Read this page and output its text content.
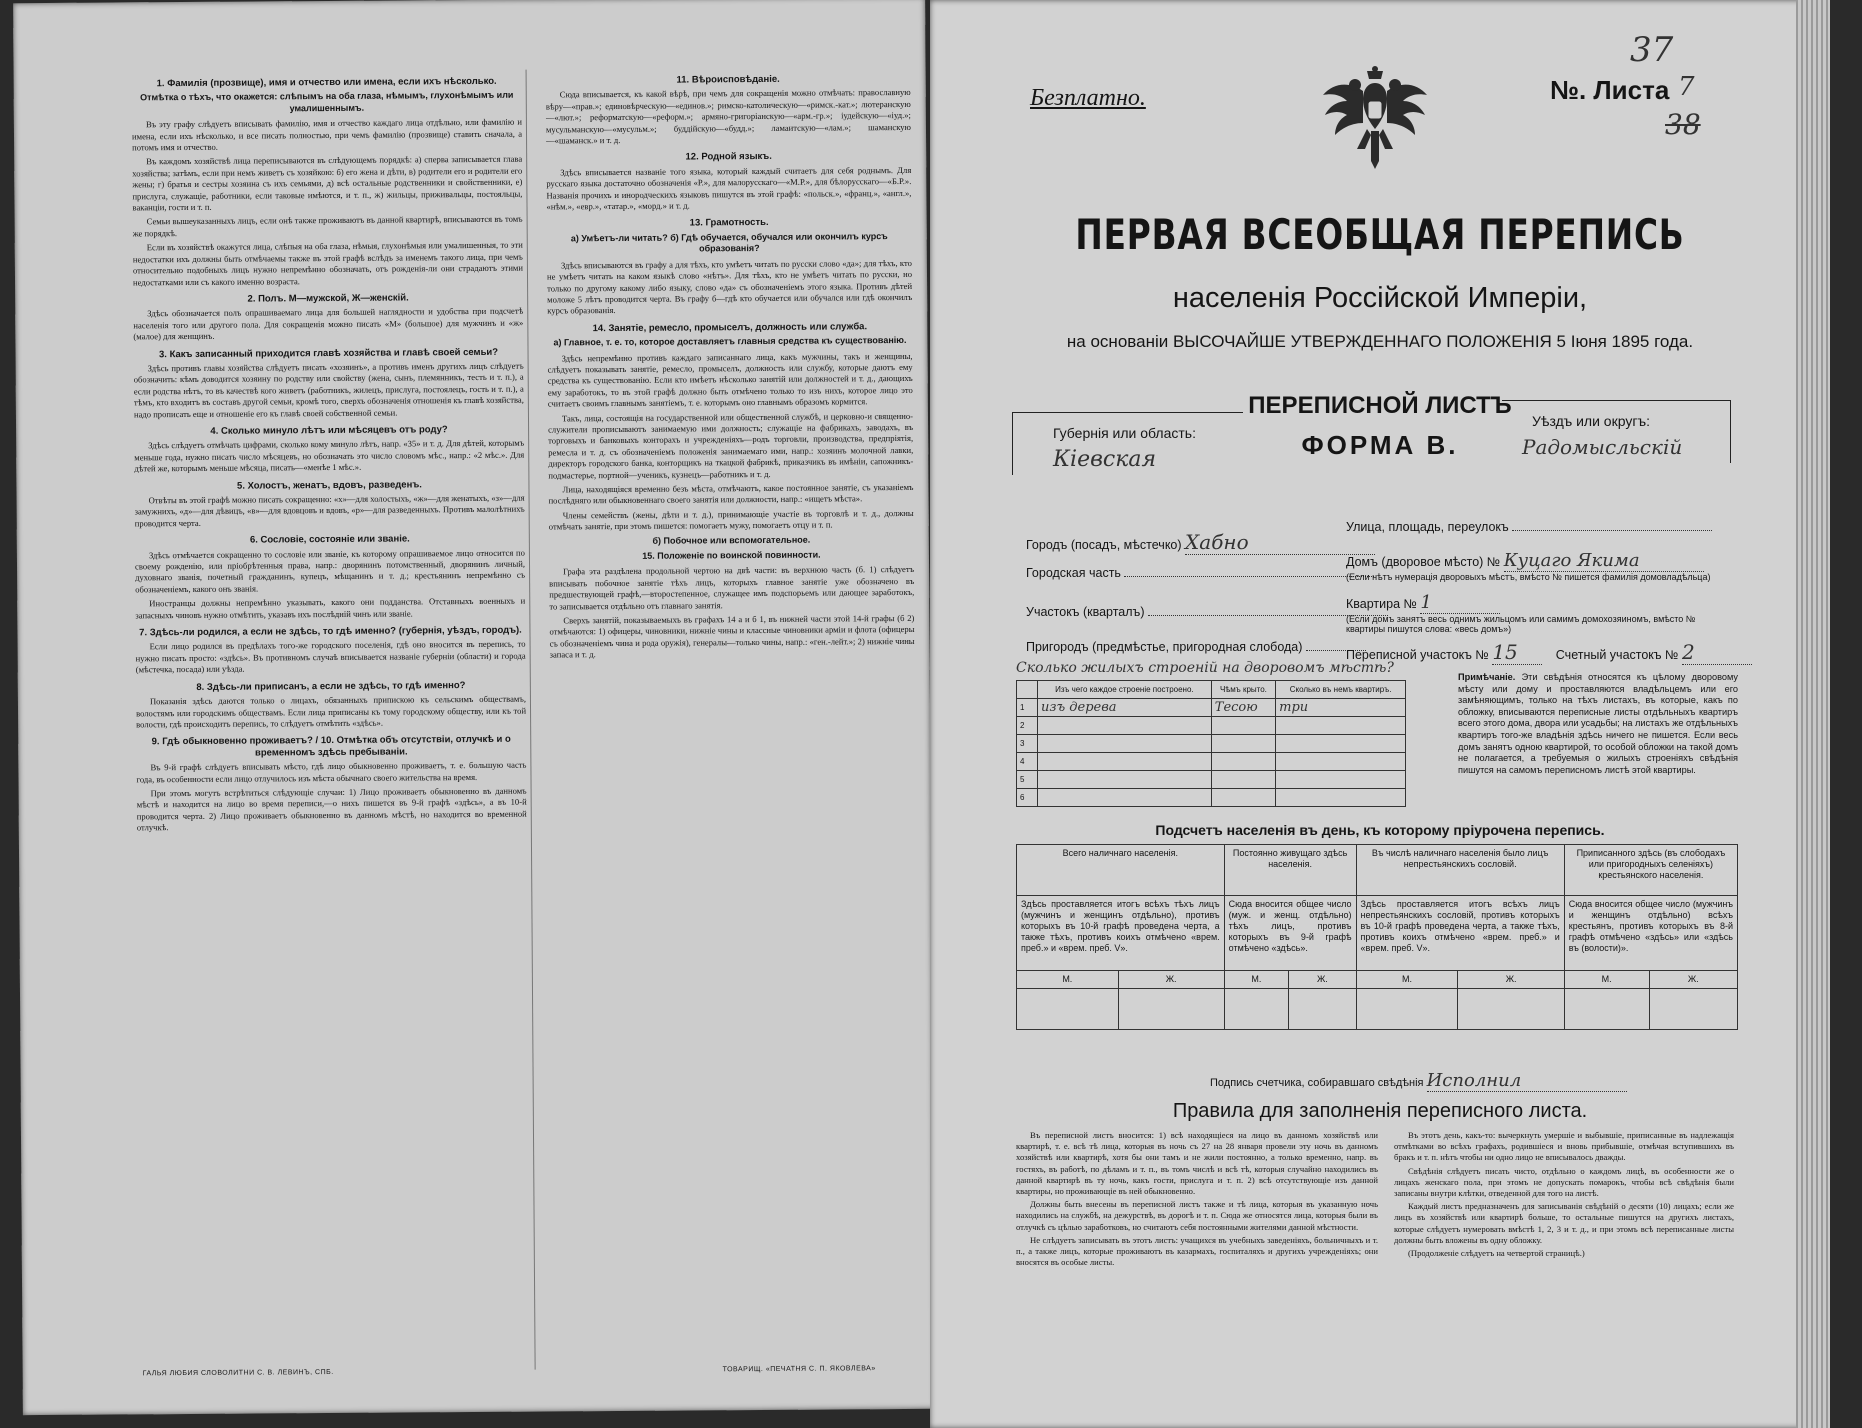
1. Фамилія (прозвище), имя и отчество или имена, если ихъ нѣсколько.
Отмѣтка о тѣхъ, что окажется: слѣпымъ на оба глаза, нѣмымъ, глухонѣмымъ или умалишеннымъ.

Въ эту графу слѣдуетъ вписывать фамилію, имя и отчество каждаго лица отдѣльно, или фамилію и имена, если ихъ нѣсколько, и все писать полностью, при чемъ фамилію (прозвище) ставить сначала, а потомъ имя и отчество.

Въ каждомъ хозяйствѣ лица переписываются въ слѣдующемъ порядкѣ: а) сперва записывается глава хозяйства; затѣмъ, если при немъ живетъ съ хозяйкою: б) его жена и дѣти, в) родители его и родители его жены; г) братья и сестры хозяина съ ихъ семьями, д) всѣ остальные родственники и свойственники, е) прислуга, служащіе, работники, если таковые имѣются, и т. п., ж) жильцы, приживальцы, постояльцы, ваканціи, гости и т. п.

Семьи вышеуказанныхъ лицъ, если онѣ также проживаютъ въ данной квартирѣ, вписываются въ томъ же порядкѣ.

Если въ хозяйствѣ окажутся лица, слѣпыя на оба глаза, нѣмыя, глухонѣмыя или умалишенныя, то эти недостатки ихъ должны быть отмѣчаемы также въ этой графѣ вслѣдъ за именемъ такого лица, при чемъ относительно подобныхъ лицъ нужно непремѣнно обозначать, отъ рожденія-ли они страдаютъ этими недостатками или съ какого именно возраста.

2. Полъ. М—мужской, Ж—женскій.

Здѣсь обозначается полъ опрашиваемаго лица для большей наглядности и удобства при подсчетѣ населенія того или другого пола. Для сокращенія можно писать «М» (большое) для мужчинъ и «ж» (малое) для женщинъ.

3. Какъ записанный приходится главѣ хозяйства и главѣ своей семьи?

Здѣсь противъ главы хозяйства слѣдуетъ писать «хозяинъ», а противъ именъ другихъ лицъ слѣдуетъ обозначить: кѣмъ доводится хозяину по родству или свойству (жена, сынъ, племянникъ, тесть и т. п.), а если родства нѣтъ, то въ качествѣ кого живетъ (работникъ, жилецъ, прислуга, постоялецъ, гость и т. п.), а тѣмъ, кто входитъ въ составъ другой семьи, кромѣ того, сверхъ обозначенія отношенія къ главѣ хозяйства, надо прописать еще и отношеніе его къ главѣ своей собственной семьи.

4. Сколько минуло лѣтъ или мѣсяцевъ отъ роду?

Здѣсь слѣдуетъ отмѣчать цифрами, сколько кому минуло лѣтъ, напр. «35» и т. д. Для дѣтей, которымъ меньше года, нужно писать число мѣсяцевъ, но обозначать это число словомъ мѣс., напр.: «2 мѣс.». Для дѣтей же, которымъ меньше мѣсяца, писать—«менѣе 1 мѣс.».

5. Холостъ, женатъ, вдовъ, разведенъ.

Отвѣты въ этой графѣ можно писать сокращенно: «х»—для холостыхъ, «ж»—для женатыхъ, «з»—для замужнихъ, «д»—для дѣвицъ, «в»—для вдовцовъ и вдовъ, «р»—для разведенныхъ. Противъ малолѣтнихъ проводится черта.

6. Сословіе, состояніе или званіе.

Здѣсь отмѣчается сокращенно то сословіе или званіе, къ которому опрашиваемое лицо относится по своему рожденію, или пріобрѣтенныя права, напр.: дворянинъ потомственный, дворянинъ личный, духовнаго званія, почетный гражданинъ, купецъ, мѣщанинъ и т. д.; крестьянинъ непремѣнно съ обозначеніемъ, какого онъ званія.

Иностранцы должны непремѣнно указывать, какого они подданства. Отставныхъ военныхъ и запасныхъ чиновъ нужно отмѣтить, указавъ ихъ послѣдній чинъ или званіе.

7. Здѣсь-ли родился, а если не здѣсь, то гдѣ именно? (губернія, уѣздъ, городъ).

Если лицо родился въ предѣлахъ того-же городского поселенія, гдѣ оно вносится въ перепись, то нужно писать просто: «здѣсь». Въ противномъ случаѣ вписывается названіе губерніи (области) и города (мѣстечка, посада) или уѣзда.

8. Здѣсь-ли приписанъ, а если не здѣсь, то гдѣ именно?

Показанія здѣсь даются только о лицахъ, обязанныхъ припискою къ сельскимъ обществамъ, волостямъ или городскимъ обществамъ. Если лица приписаны къ тому городскому обществу, или къ той волости, гдѣ происходитъ перепись, то слѣдуетъ отмѣтить «здѣсь».

9. Гдѣ обыкновенно проживаетъ? / 10. Отмѣтка объ отсутствіи, отлучкѣ и о временномъ здѣсь пребываніи.

Въ 9-й графѣ слѣдуетъ вписывать мѣсто, гдѣ лицо обыкновенно проживаетъ, т. е. большую часть года, въ особенности если лицо отлучилось изъ мѣста обычнаго своего жительства на время.

При этомъ могутъ встрѣтиться слѣдующіе случаи: 1) Лицо проживаетъ обыкновенно въ данномъ мѣстѣ и находится на лицо во время переписи,—о нихъ пишется въ 9-й графѣ «здѣсь», а въ 10-й проводится черта. 2) Лицо проживаетъ обыкновенно въ данномъ мѣстѣ, но находится во временной отлучкѣ.

11. Вѣроисповѣданіе.

Сюда вписывается, къ какой вѣрѣ, при чемъ для сокращенія можно отмѣчать: православную вѣру—«прав.»; единовѣрческую—«единов.»; римско-католическую—«римск.-кат.»; лютеранскую—«лют.»; реформатскую—«реформ.»; армяно-григоріанскую—«арм.-гр.»; іудейскую—«іуд.»; мусульманскую—«мусульм.»; буддійскую—«будд.»; ламаитскую—«лам.»; шаманскую—«шаманск.» и т. д.

12. Родной языкъ.

Здѣсь вписывается названіе того языка, который каждый считаетъ для себя роднымъ. Для русскаго языка достаточно обозначенія «Р.», для малорусскаго—«М.Р.», для бѣлорусскаго—«Б.Р.». Названія прочихъ и инородческихъ языковъ пишутся въ этой графѣ: «польск.», «франц.», «англ.», «нѣм.», «евр.», «татар.», «морд.» и т. д.

13. Грамотность.
а) Умѣетъ-ли читать? б) Гдѣ обучается, обучался или окончилъ курсъ образованія?

Здѣсь вписываются въ графу а для тѣхъ, кто умѣетъ читать по русски слово «да»; для тѣхъ, кто не умѣетъ читать на каком языкѣ слово «нѣтъ». Для тѣхъ, кто не умѣетъ читать по русски, но только по другому какому либо языку, слово «да» съ обозначеніемъ этого языка. Противъ дѣтей моложе 5 лѣтъ проводится черта. Въ графу б—гдѣ кто обучается или обучался или гдѣ окончилъ курсъ образованія.

14. Занятіе, ремесло, промыселъ, должность или служба.
а) Главное, т. е. то, которое доставляетъ главныя средства къ существованію.

Здѣсь непремѣнно противъ каждаго записаннаго лица, какъ мужчины, такъ и женщины, слѣдуетъ показывать занятіе, ремесло, промыселъ, должность или службу, которые даютъ ему средства къ существованію. Если кто имѣетъ нѣсколько занятій или должностей и т. д., дающихъ ему заработокъ, то въ этой графѣ должно быть отмѣчено только то изъ нихъ, которое лицо это считаетъ своимъ главнымъ занятіемъ, т. е. которымъ оно главнымъ образомъ кормится.

Такъ, лица, состоящія на государственной или общественной службѣ, и церковно-и священно-служители прописываютъ занимаемую ими должность; служащіе на фабрикахъ, заводахъ, въ торговыхъ и банковыхъ конторахъ и учрежденіяхъ—родъ торговли, производства, предпріятія, ремесла и т. д. съ обозначеніемъ положенія занимаемаго ими, напр.: хозяинъ молочной лавки, директоръ городского банка, конторщикъ на ткацкой фабрикѣ, приказчикъ въ имѣніи, сапожникъ-подмастерье, портной—ученикъ, кузнецъ—работникъ и т. д.

Лица, находящіяся временно безъ мѣста, отмѣчаютъ, какое постоянное занятіе, съ указаніемъ послѣдняго или обыкновеннаго своего занятія или должности, напр.: «ищетъ мѣста».

Члены семействъ (жены, дѣти и т. д.), принимающіе участіе въ торговлѣ и т. д., должны отмѣчать занятіе, при этомъ пишется: помогаетъ мужу, помогаетъ отцу и т. п.

б) Побочное или вспомогательное.
15. Положеніе по воинской повинности.

Графа эта раздѣлена продольной чертою на двѣ части: въ верхнюю часть (б. 1) слѣдуетъ вписывать побочное занятіе тѣхъ лицъ, которыхъ главное занятіе уже обозначено въ предшествующей графѣ,—второстепенное, служащее имъ подспорьемъ или дающее заработокъ, то записывается отдѣльно отъ главнаго занятія.

Сверхъ занятій, показываемыхъ въ графахъ 14 а и б 1, въ нижней части этой 14-й графы (б 2) отмѣчаются: 1) офицеры, чиновники, нижніе чины и классные чиновники армiи и флота (офицеры съ обозначеніемъ чина и рода оружія), генералы—только чины, напр.: «ген.-лейт.»; 2) нижніе чины запаса и т. д.

ГАЛЬЯ ЛЮБИЯ СЛОВОЛИТНИ С. В. ЛЕВИНЪ, СПБ.	ТОВАРИЩ. «ПЕЧАТНЯ С. П. ЯКОВЛЕВА»
Безплатно.	№. Листа
37
7
38
ПЕРВАЯ ВСЕОБЩАЯ ПЕРЕПИСЬ
населенія Россійской Имперіи,
на основаніи ВЫСОЧАЙШЕ УТВЕРЖДЕННАГО ПОЛОЖЕНІЯ 5 Іюня 1895 года.
Губернія или область:
Кіевская
ПЕРЕПИСНОЙ ЛИСТЪ
ФОРМА В.
Уѣздъ или округъ:
Радомысльскій
Городъ (посадъ, мѣстечко) Хабно
Городская часть
Участокъ (кварталъ)
Пригородъ (предмѣстье, пригородная слобода)
Улица, площадь, переулокъ
Домъ (дворовое мѣсто) № Куцаго Якима
(Если нѣтъ нумерація дворовыхъ мѣстъ, вмѣсто № пишется фамилія домовладѣльца)
Квартира № 1
(Если домъ занятъ весь однимъ жильцомъ или самимъ домохозяиномъ, вмѣсто № квартиры пишутся слова: «весь домъ»)
Переписной участокъ № 15	Счетный участокъ № 2
Сколько жилыхъ строеній на дворовомъ мѣстѣ?
	Изъ чего каждое строеніе построено.	Чѣмъ крыто.	Сколько въ немъ квартиръ.
1	изъ дерева	Тесою	три
2			
3			
4			
5			
6			
Примѣчаніе. Эти свѣдѣнія относятся къ цѣлому дворовому мѣсту или дому и проставляются владѣльцемъ или его замѣняющимъ, только на тѣхъ листахъ, въ которые, какъ по обложку, вписываются переписные листы отдѣльныхъ квартиръ всего этого дома, двора или усадьбы; на листахъ же отдѣльныхъ квартиръ того-же владѣнія здѣсь ничего не пишется. Если весь домъ занятъ одною квартирой, то особой обложки на такой домъ не полагается, а требуемыя о жилыхъ строеніяхъ свѣдѣнія пишутся на самомъ переписномъ листѣ этой квартиры.
Подсчетъ населенія въ день, къ которому пріурочена перепись.
Всего наличнаго населенія.		Постоянно живущаго здѣсь населенія.		Въ числѣ наличнаго населенія было лицъ непрестьянскихъ сословій.		Приписанного здѣсь (въ слободахъ или пригородныхъ селеніяхъ) крестьянского населенія.	
Здѣсь проставляется итогъ всѣхъ тѣхъ лицъ (мужчинъ и женщинъ отдѣльно), противъ которыхъ въ 10-й графѣ проведена черта, а также тѣхъ, противъ коихъ отмѣчено «врем. преб.» и «врем. преб. V».		Сюда вносится общее число (муж. и женщ. отдѣльно) тѣхъ лицъ, противъ которыхъ въ 9-й графѣ отмѣчено «здѣсь».		Здѣсь проставляется итогъ всѣхъ лицъ непрестьянскихъ сословій, противъ которыхъ въ 10-й графѣ проведена черта, а также тѣхъ, противъ коихъ отмѣчено «врем. преб.» и «врем. преб. V».		Сюда вносится общее число (мужчинъ и женщинъ отдѣльно) всѣхъ крестьянъ, противъ которыхъ въ 8-й графѣ отмѣчено «здѣсь» или «здѣсь въ (волости)».	
М.	Ж.	М.	Ж.	М.	Ж.	М.	Ж.

Подпись счетчика, собиравшаго свѣдѣнія Исполнил
Правила для заполненія переписного листа.

Въ переписной листъ вносится: 1) всѣ находящіеся на лицо въ данномъ хозяйствѣ или квартирѣ, т. е. всѣ тѣ лица, которыя въ ночь съ 27 на 28 января провели эту ночь въ данномъ хозяйствѣ или квартирѣ, хотя бы они тамъ и не жили постоянно, а только временно, напр. въ гостяхъ, въ работѣ, по дѣламъ и т. п., въ томъ числѣ и всѣ тѣ, которыя случайно находились въ данной квартирѣ въ ту ночь, какъ гости, прислуга и т. п. 2) всѣ отсутствующіе изъ данной квартиры, но проживающіе въ ней обыкновенно.

Должны быть внесены въ переписной листъ также и тѣ лица, которыя въ указанную ночь находились на службѣ, на дежурствѣ, въ дорогѣ и т. п. Сюда же относятся лица, которыя были въ отлучкѣ съ цѣлью заработковъ, но считаютъ себя постоянными жителями данной мѣстности.

Не слѣдуетъ записывать въ этотъ листъ: учащихся въ учебныхъ заведеніяхъ, больничныхъ и т. п., а также лицъ, которые проживаютъ въ казармахъ, госпиталяхъ и другихъ учрежденіяхъ; они вносятся въ особые листы.

Въ этотъ день, какъ-то: вычеркнуть умершіе и выбывшіе, приписанные въ надлежащія отмѣтками во всѣхъ графахъ, родившіеся и вновь прибывшіе, отмѣчая вступившихъ въ бракъ и т. п. нѣтъ чтобы ни одно лицо не вписывалось дважды.

Свѣдѣнія слѣдуетъ писать чисто, отдѣльно о каждомъ лицѣ, въ особенности же о лицахъ женскаго пола, при этомъ не допускать помарокъ, чтобы всѣ свѣдѣнія были записаны внутри клѣтки, отведенной для того на листѣ.

Каждый листъ предназначенъ для записыванія свѣдѣній о десяти (10) лицахъ; если же лицъ въ хозяйствѣ или квартирѣ больше, то остальные пишутся на другихъ листахъ, которые слѣдуетъ нумеровать вмѣстѣ 1, 2, 3 и т. д., и при этомъ всѣ переписанные листы должны быть вложены въ одну обложку.

(Продолженіе слѣдуетъ на четвертой страницѣ.)
